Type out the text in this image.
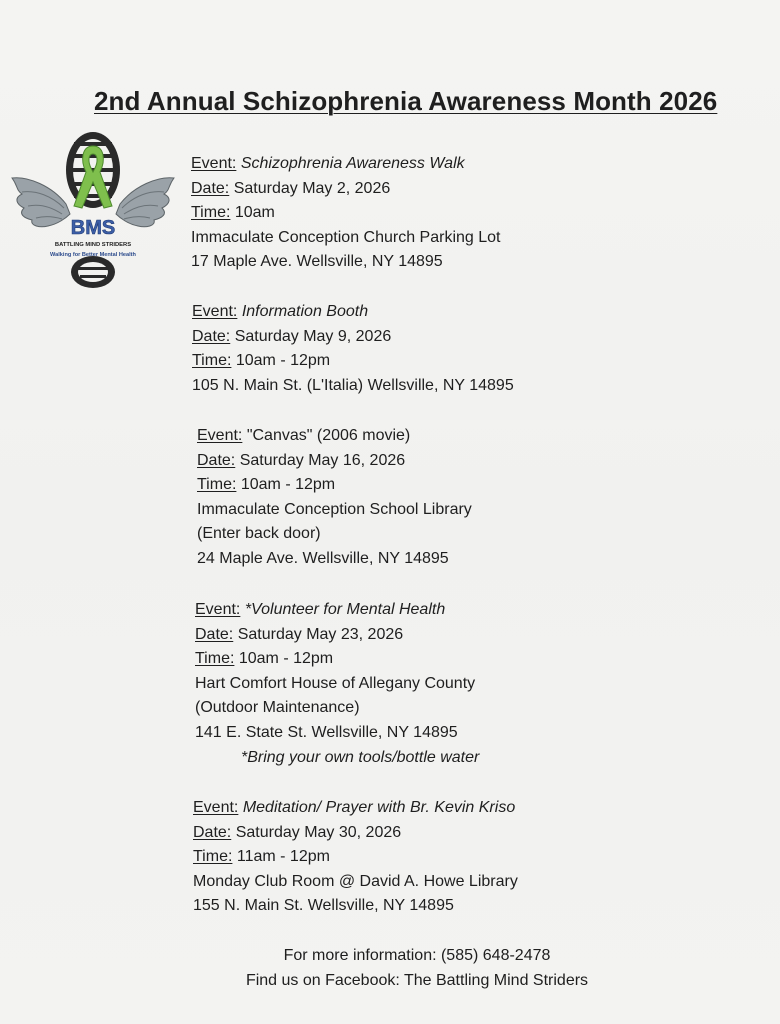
2nd Annual Schizophrenia Awareness Month 2026
BMS
BATTLING MIND STRIDERS
Walking for Better Mental Health
Event: Schizophrenia Awareness Walk
Date: Saturday May 2, 2026
Time: 10am
Immaculate Conception Church Parking Lot
17 Maple Ave. Wellsville, NY 14895
Event: Information Booth
Date: Saturday May 9, 2026
Time: 10am - 12pm
105 N. Main St. (L'Italia) Wellsville, NY 14895
Event: "Canvas" (2006 movie)
Date: Saturday May 16, 2026
Time: 10am - 12pm
Immaculate Conception School Library
(Enter back door)
24 Maple Ave. Wellsville, NY 14895
Event: *Volunteer for Mental Health
Date: Saturday May 23, 2026
Time: 10am - 12pm
Hart Comfort House of Allegany County
(Outdoor Maintenance)
141 E. State St. Wellsville, NY 14895
*Bring your own tools/bottle water
Event: Meditation/ Prayer with Br. Kevin Kriso
Date: Saturday May 30, 2026
Time: 11am - 12pm
Monday Club Room @ David A. Howe Library
155 N. Main St. Wellsville, NY 14895
For more information: (585) 648-2478
Find us on Facebook: The Battling Mind Striders
